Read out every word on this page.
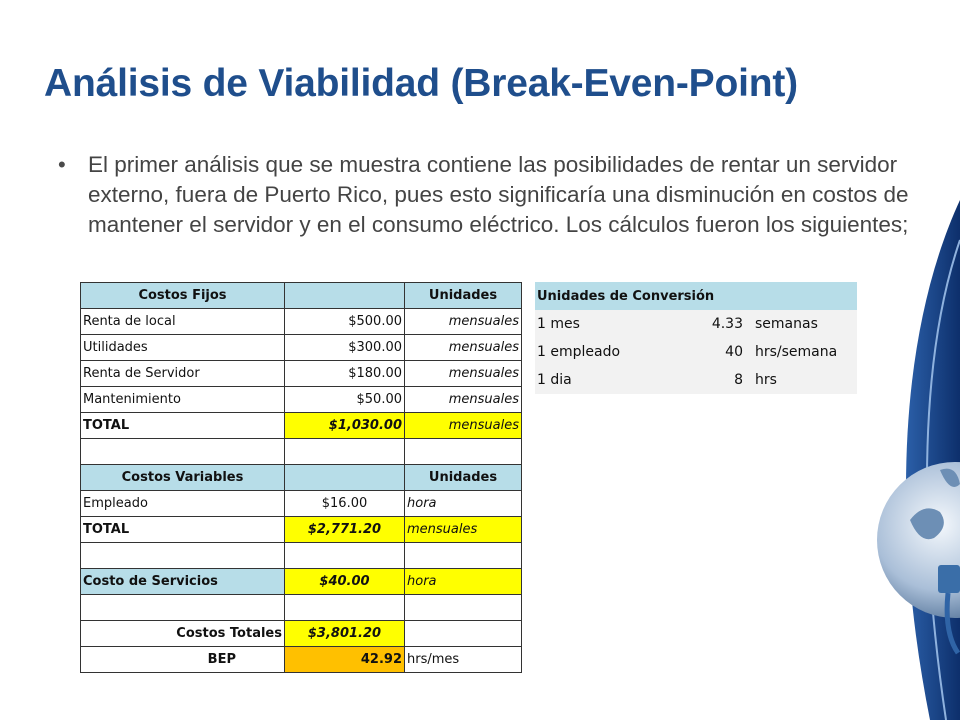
Análisis de Viabilidad (Break-Even-Point)
• El primer análisis que se muestra contiene las posibilidades de rentar un servidor externo, fuera de Puerto Rico, pues esto significaría una disminución en costos de mantener el servidor y en el consumo eléctrico. Los cálculos fueron los siguientes;
Costos Fijos		Unidades
Renta de local	$500.00	mensuales
Utilidades	$300.00	mensuales
Renta de Servidor	$180.00	mensuales
Mantenimiento	$50.00	mensuales
TOTAL	$1,030.00	mensuales

Costos Variables		Unidades
Empleado	$16.00	hora
TOTAL	$2,771.20	mensuales

Costo de Servicios	$40.00	hora

Costos Totales	$3,801.20	
BEP	42.92	hrs/mes
Unidades de Conversión		
1 mes	4.33	semanas
1 empleado	40	hrs/semana
1 dia	8	hrs
